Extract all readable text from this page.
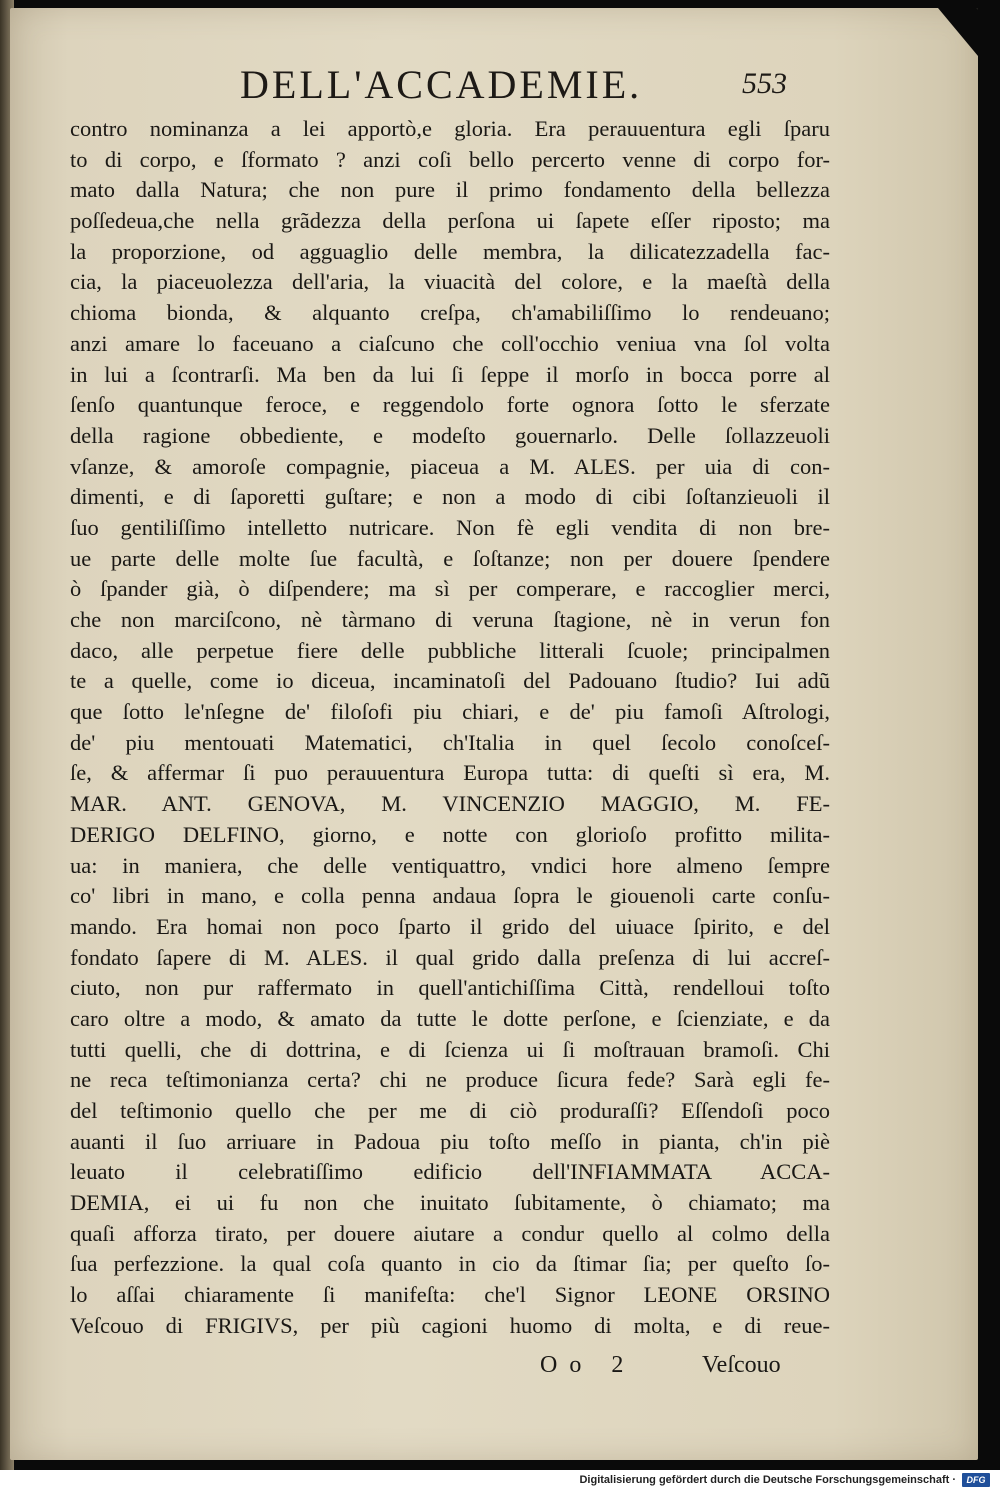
DELL'ACCADEMIE.	553
contro nominanza a lei apportò,e gloria. Era perauuentura egli ſparu
to di corpo, e ſformato ? anzi coſi bello percerto venne di corpo for-
mato dalla Natura; che non pure il primo fondamento della bellezza
poſſedeua,che nella grãdezza della perſona ui ſapete eſſer riposto; ma
la proporzione, od agguaglio delle membra, la dilicatezzadella fac-
cia, la piaceuolezza dell'aria, la viuacità del colore, e la maeſtà della
chioma bionda, & alquanto creſpa, ch'amabiliſſimo lo rendeuano;
anzi amare lo faceuano a ciaſcuno che coll'occhio veniua vna ſol volta
in lui a ſcontrarſi. Ma ben da lui ſi ſeppe il morſo in bocca porre al
ſenſo quantunque feroce, e reggendolo forte ognora ſotto le sferzate
della ragione obbediente, e modeſto gouernarlo. Delle ſollazzeuoli
vſanze, & amoroſe compagnie, piaceua a M. ALES. per uia di con-
dimenti, e di ſaporetti guſtare; e non a modo di cibi ſoſtanzieuoli il
ſuo gentiliſſimo intelletto nutricare. Non fè egli vendita di non bre-
ue parte delle molte ſue facultà, e ſoſtanze; non per douere ſpendere
ò ſpander già, ò diſpendere; ma sì per comperare, e raccoglier merci,
che non marciſcono, nè tàrmano di veruna ſtagione, nè in verun fon
daco, alle perpetue fiere delle pubbliche litterali ſcuole; principalmen
te a quelle, come io diceua, incaminatoſi del Padouano ſtudio? Iui adũ
que ſotto le'nſegne de' filoſofi piu chiari, e de' piu famoſi Aſtrologi,
de' piu mentouati Matematici, ch'Italia in quel ſecolo conoſceſ-
ſe, & affermar ſi puo perauuentura Europa tutta: di queſti sì era, M.
MAR. ANT. GENOVA, M. VINCENZIO MAGGIO, M. FE-
DERIGO DELFINO, giorno, e notte con glorioſo profitto milita-
ua: in maniera, che delle ventiquattro, vndici hore almeno ſempre
co' libri in mano, e colla penna andaua ſopra le giouenoli carte conſu-
mando. Era homai non poco ſparto il grido del uiuace ſpirito, e del
fondato ſapere di M. ALES. il qual grido dalla preſenza di lui accreſ-
ciuto, non pur raffermato in quell'antichiſſima Città, rendelloui toſto
caro oltre a modo, & amato da tutte le dotte perſone, e ſcienziate, e da
tutti quelli, che di dottrina, e di ſcienza ui ſi moſtrauan bramoſi. Chi
ne reca teſtimonianza certa? chi ne produce ſicura fede? Sarà egli fe-
del teſtimonio quello che per me di ciò produraſſi? Eſſendoſi poco
auanti il ſuo arriuare in Padoua piu toſto meſſo in pianta, ch'in piè
leuato il celebratiſſimo edificio dell'INFIAMMATA ACCA-
DEMIA, ei ui fu non che inuitato ſubitamente, ò chiamato; ma
quaſi afforza tirato, per douere aiutare a condur quello al colmo della
ſua perfezzione. la qual coſa quanto in cio da ſtimar ſia; per queſto ſo-
lo aſſai chiaramente ſi manifeſta: che'l Signor LEONE ORSINO
Veſcouo di FRIGIVS, per più cagioni huomo di molta, e di reue-
Oo 2	Veſcouo
Digitalisierung gefördert durch die Deutsche Forschungsgemeinschaft ·	DFG
